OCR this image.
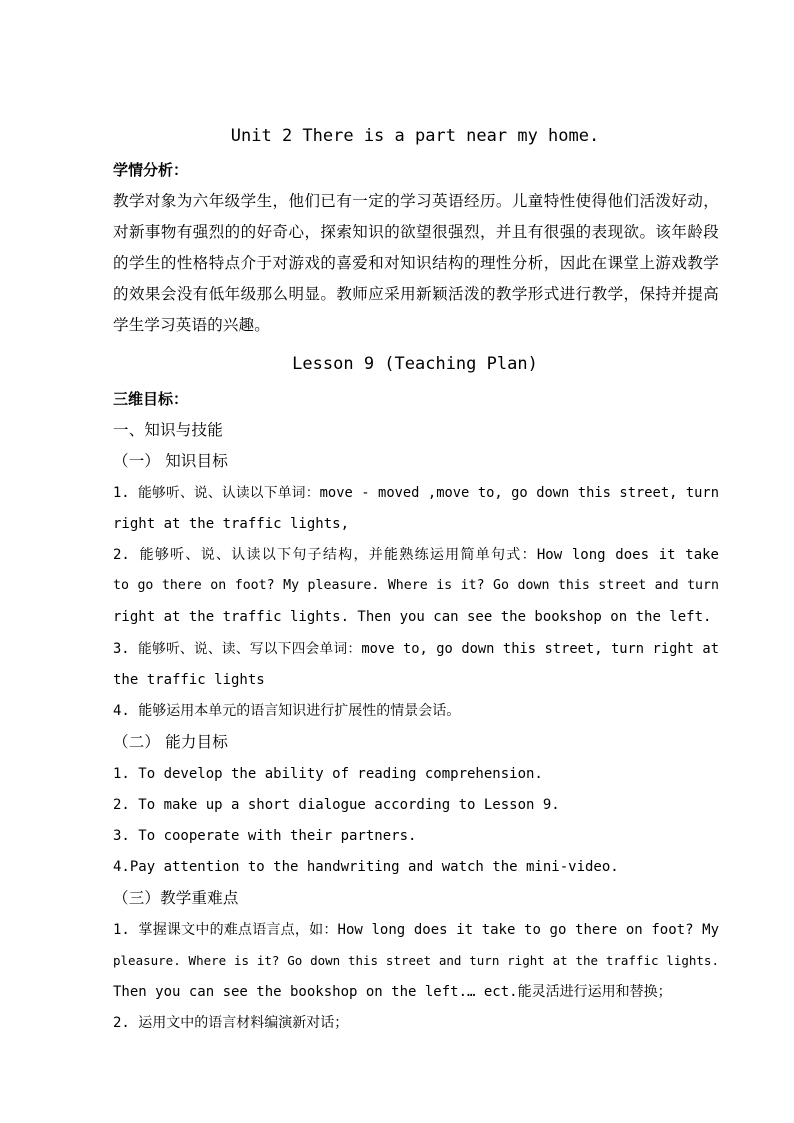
Unit 2 There is a part near my home.
学情分析：
教学对象为六年级学生，他们已有一定的学习英语经历。儿童特性使得他们活泼好动，
对新事物有强烈的的好奇心，探索知识的欲望很强烈，并且有很强的表现欲。该年龄段
的学生的性格特点介于对游戏的喜爱和对知识结构的理性分析，因此在课堂上游戏教学
的效果会没有低年级那么明显。教师应采用新颖活泼的教学形式进行教学，保持并提高
学生学习英语的兴趣。
Lesson 9 (Teaching Plan)
三维目标：
一、知识与技能
（一） 知识目标
1. 能够听、说、认读以下单词：move - moved ,move to, go down this street, turn
right at the traffic lights,
2. 能够听、说、认读以下句子结构，并能熟练运用简单句式：How long does it take
to go there on foot? My pleasure. Where is it? Go down this street and turn
right at the traffic lights. Then you can see the bookshop on the left.
3. 能够听、说、读、写以下四会单词：move to, go down this street, turn right at
the traffic lights
4. 能够运用本单元的语言知识进行扩展性的情景会话。
（二） 能力目标
1. To develop the ability of reading comprehension.
2. To make up a short dialogue according to Lesson 9.
3. To cooperate with their partners.
4.Pay attention to the handwriting and watch the mini-video.
（三）教学重难点
1. 掌握课文中的难点语言点，如：How long does it take to go there on foot? My
pleasure. Where is it? Go down this street and turn right at the traffic lights.
Then you can see the bookshop on the left.… ect.能灵活进行运用和替换；
2. 运用文中的语言材料编演新对话；
